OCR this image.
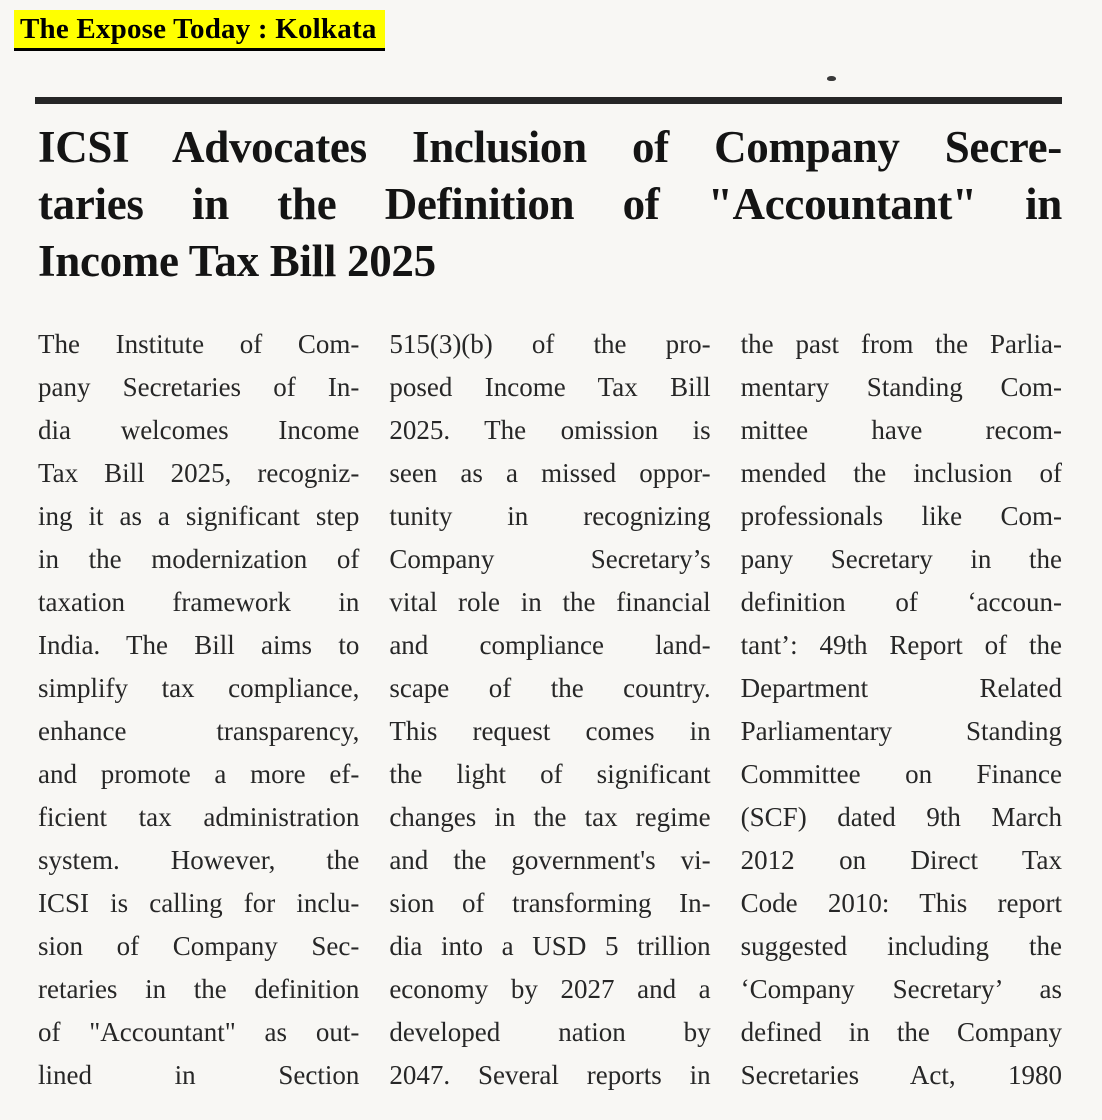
The Expose Today : Kolkata
ICSI Advocates Inclusion of Company Secre-
taries in the Definition of "Accountant" in
Income Tax Bill 2025
The Institute of Com-
pany Secretaries of In-
dia welcomes Income
Tax Bill 2025, recogniz-
ing it as a significant step
in the modernization of
taxation framework in
India. The Bill aims to
simplify tax compliance,
enhance transparency,
and promote a more ef-
ficient tax administration
system. However, the
ICSI is calling for inclu-
sion of Company Sec-
retaries in the definition
of "Accountant" as out-
lined in Section
515(3)(b) of the pro-
posed Income Tax Bill
2025. The omission is
seen as a missed oppor-
tunity in recognizing
Company Secretary’s
vital role in the financial
and compliance land-
scape of the country.
This request comes in
the light of significant
changes in the tax regime
and the government's vi-
sion of transforming In-
dia into a USD 5 trillion
economy by 2027 and a
developed nation by
2047. Several reports in
the past from the Parlia-
mentary Standing Com-
mittee have recom-
mended the inclusion of
professionals like Com-
pany Secretary in the
definition of ‘accoun-
tant’: 49th Report of the
Department Related
Parliamentary Standing
Committee on Finance
(SCF) dated 9th March
2012 on Direct Tax
Code 2010: This report
suggested including the
‘Company Secretary’ as
defined in the Company
Secretaries Act, 1980
